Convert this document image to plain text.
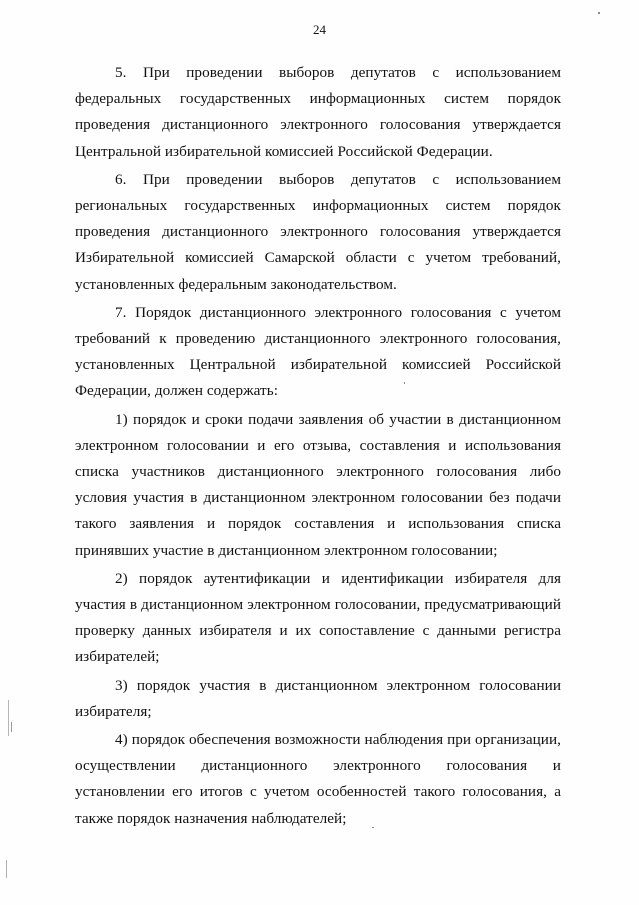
24

5. При проведении выборов депутатов с использованием федеральных государственных информационных систем порядок проведения дистанционного электронного голосования утверждается Центральной избирательной комиссией Российской Федерации.

6. При проведении выборов депутатов с использованием региональных государственных информационных систем порядок проведения дистанционного электронного голосования утверждается Избирательной комиссией Самарской области с учетом требований, установленных федеральным законодательством.

7. Порядок дистанционного электронного голосования с учетом требований к проведению дистанционного электронного голосования, установленных Центральной избирательной комиссией Российской Федерации, должен содержать:

1) порядок и сроки подачи заявления об участии в дистанционном электронном голосовании и его отзыва, составления и использования списка участников дистанционного электронного голосования либо условия участия в дистанционном электронном голосовании без подачи такого заявления и порядок составления и использования списка принявших участие в дистанционном электронном голосовании;

2) порядок аутентификации и идентификации избирателя для участия в дистанционном электронном голосовании, предусматривающий проверку данных избирателя и их сопоставление с данными регистра избирателей;

3) порядок участия в дистанционном электронном голосовании избирателя;

4) порядок обеспечения возможности наблюдения при организации, осуществлении дистанционного электронного голосования и установлении его итогов с учетом особенностей такого голосования, а также порядок назначения наблюдателей;
